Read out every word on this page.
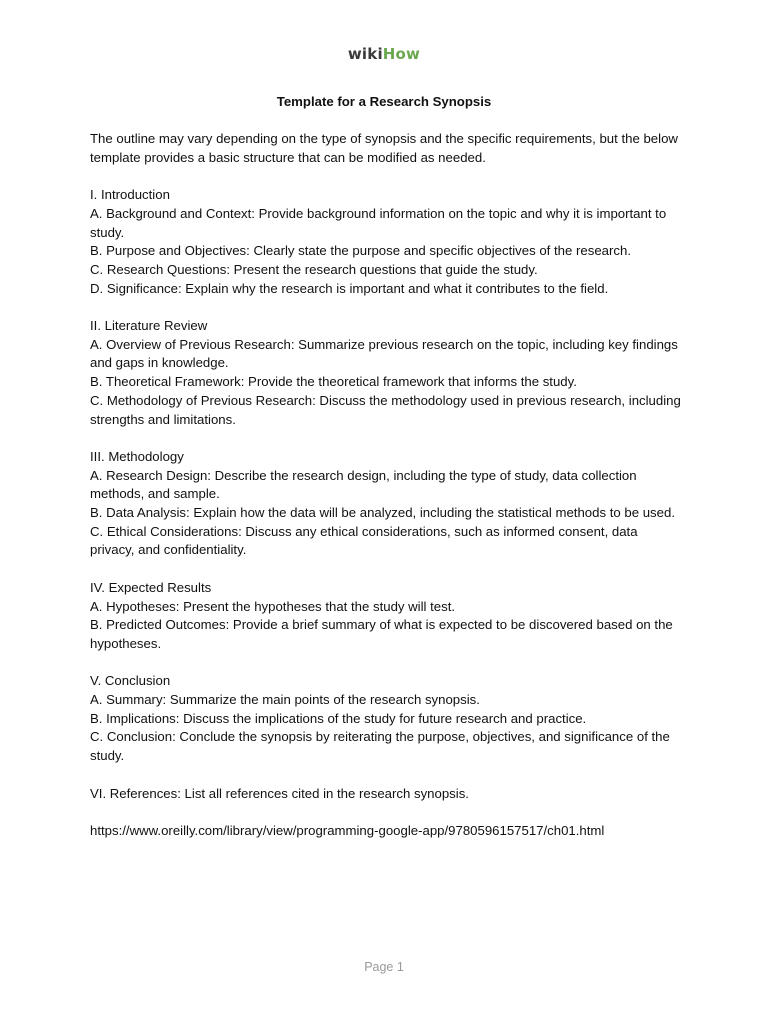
wikiHow
Template for a Research Synopsis

The outline may vary depending on the type of synopsis and the specific requirements, but the below template provides a basic structure that can be modified as needed.

I. Introduction
A. Background and Context: Provide background information on the topic and why it is important to study.
B. Purpose and Objectives: Clearly state the purpose and specific objectives of the research.
C. Research Questions: Present the research questions that guide the study.
D. Significance: Explain why the research is important and what it contributes to the field.

II. Literature Review
A. Overview of Previous Research: Summarize previous research on the topic, including key findings and gaps in knowledge.
B. Theoretical Framework: Provide the theoretical framework that informs the study.
C. Methodology of Previous Research: Discuss the methodology used in previous research, including strengths and limitations.

III. Methodology
A. Research Design: Describe the research design, including the type of study, data collection methods, and sample.
B. Data Analysis: Explain how the data will be analyzed, including the statistical methods to be used.
C. Ethical Considerations: Discuss any ethical considerations, such as informed consent, data privacy, and confidentiality.

IV. Expected Results
A. Hypotheses: Present the hypotheses that the study will test.
B. Predicted Outcomes: Provide a brief summary of what is expected to be discovered based on the hypotheses.

V. Conclusion
A. Summary: Summarize the main points of the research synopsis.
B. Implications: Discuss the implications of the study for future research and practice.
C. Conclusion: Conclude the synopsis by reiterating the purpose, objectives, and significance of the study.

VI. References: List all references cited in the research synopsis.

https://www.oreilly.com/library/view/programming-google-app/9780596157517/ch01.html

Page 1
